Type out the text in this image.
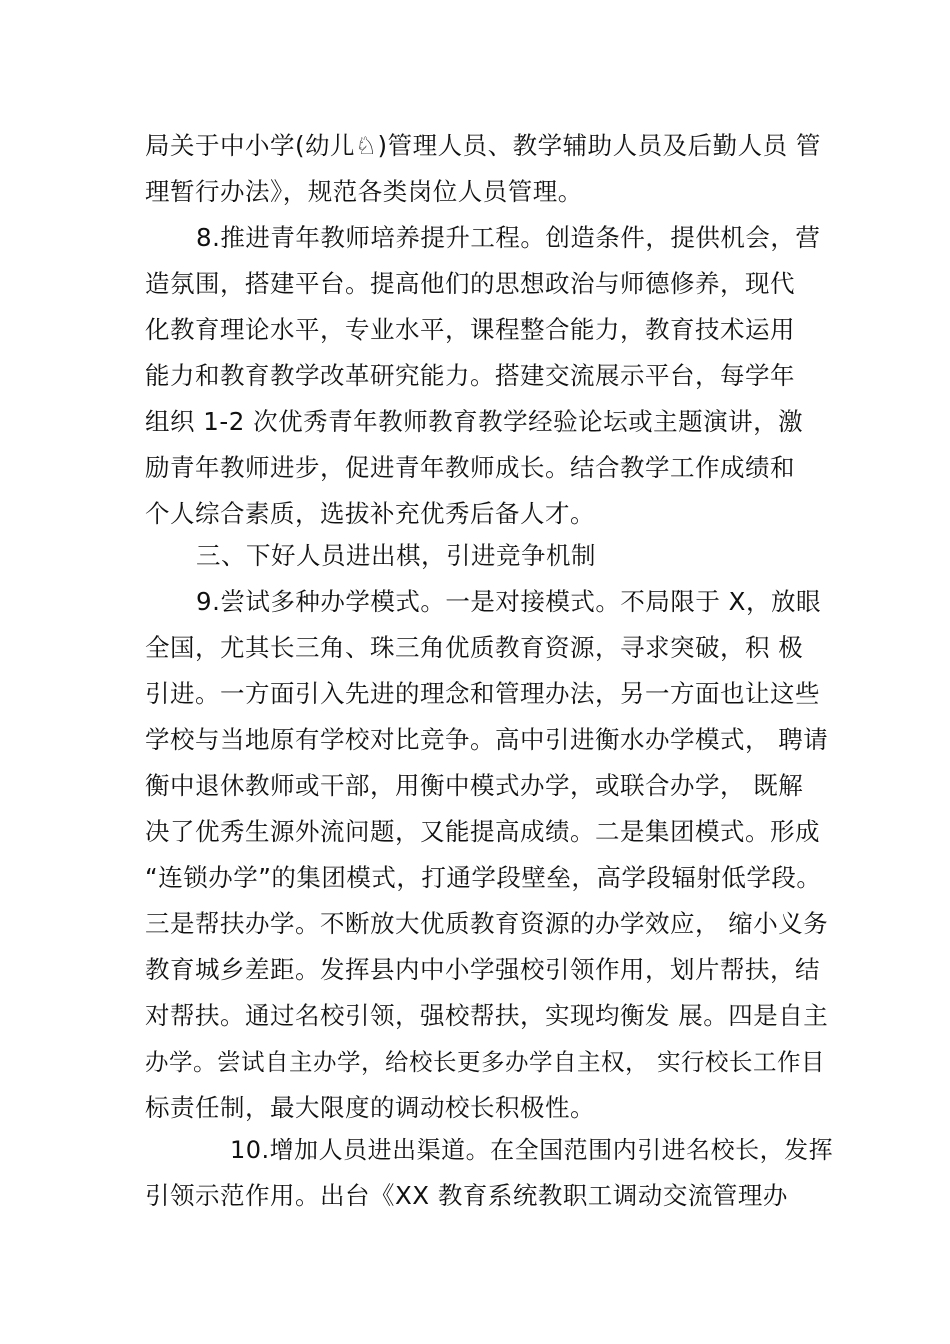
局关于中小学(幼儿♘)管理人员、教学辅助人员及后勤人员 管
理暂行办法》，规范各类岗位人员管理。
8.推进青年教师培养提升工程。创造条件，提供机会，营
造氛围，搭建平台。提高他们的思想政治与师德修养，现代
化教育理论水平，专业水平，课程整合能力，教育技术运用
能力和教育教学改革研究能力。搭建交流展示平台，每学年
组织 1-2 次优秀青年教师教育教学经验论坛或主题演讲，激
励青年教师进步，促进青年教师成长。结合教学工作成绩和
个人综合素质，选拔补充优秀后备人才。
三、下好人员进出棋，引进竞争机制
9.尝试多种办学模式。一是对接模式。不局限于 X，放眼
全国，尤其长三角、珠三角优质教育资源，寻求突破，积 极
引进。一方面引入先进的理念和管理办法，另一方面也让这些
学校与当地原有学校对比竞争。高中引进衡水办学模式， 聘请
衡中退休教师或干部，用衡中模式办学，或联合办学， 既解
决了优秀生源外流问题，又能提高成绩。二是集团模式。形成
“连锁办学”的集团模式，打通学段壁垒，高学段辐射低学段。
三是帮扶办学。不断放大优质教育资源的办学效应， 缩小义务
教育城乡差距。发挥县内中小学强校引领作用，划片帮扶，结
对帮扶。通过名校引领，强校帮扶，实现均衡发 展。四是自主
办学。尝试自主办学，给校长更多办学自主权， 实行校长工作目
标责任制，最大限度的调动校长积极性。
10.增加人员进出渠道。在全国范围内引进名校长，发挥
引领示范作用。出台《XX 教育系统教职工调动交流管理办
